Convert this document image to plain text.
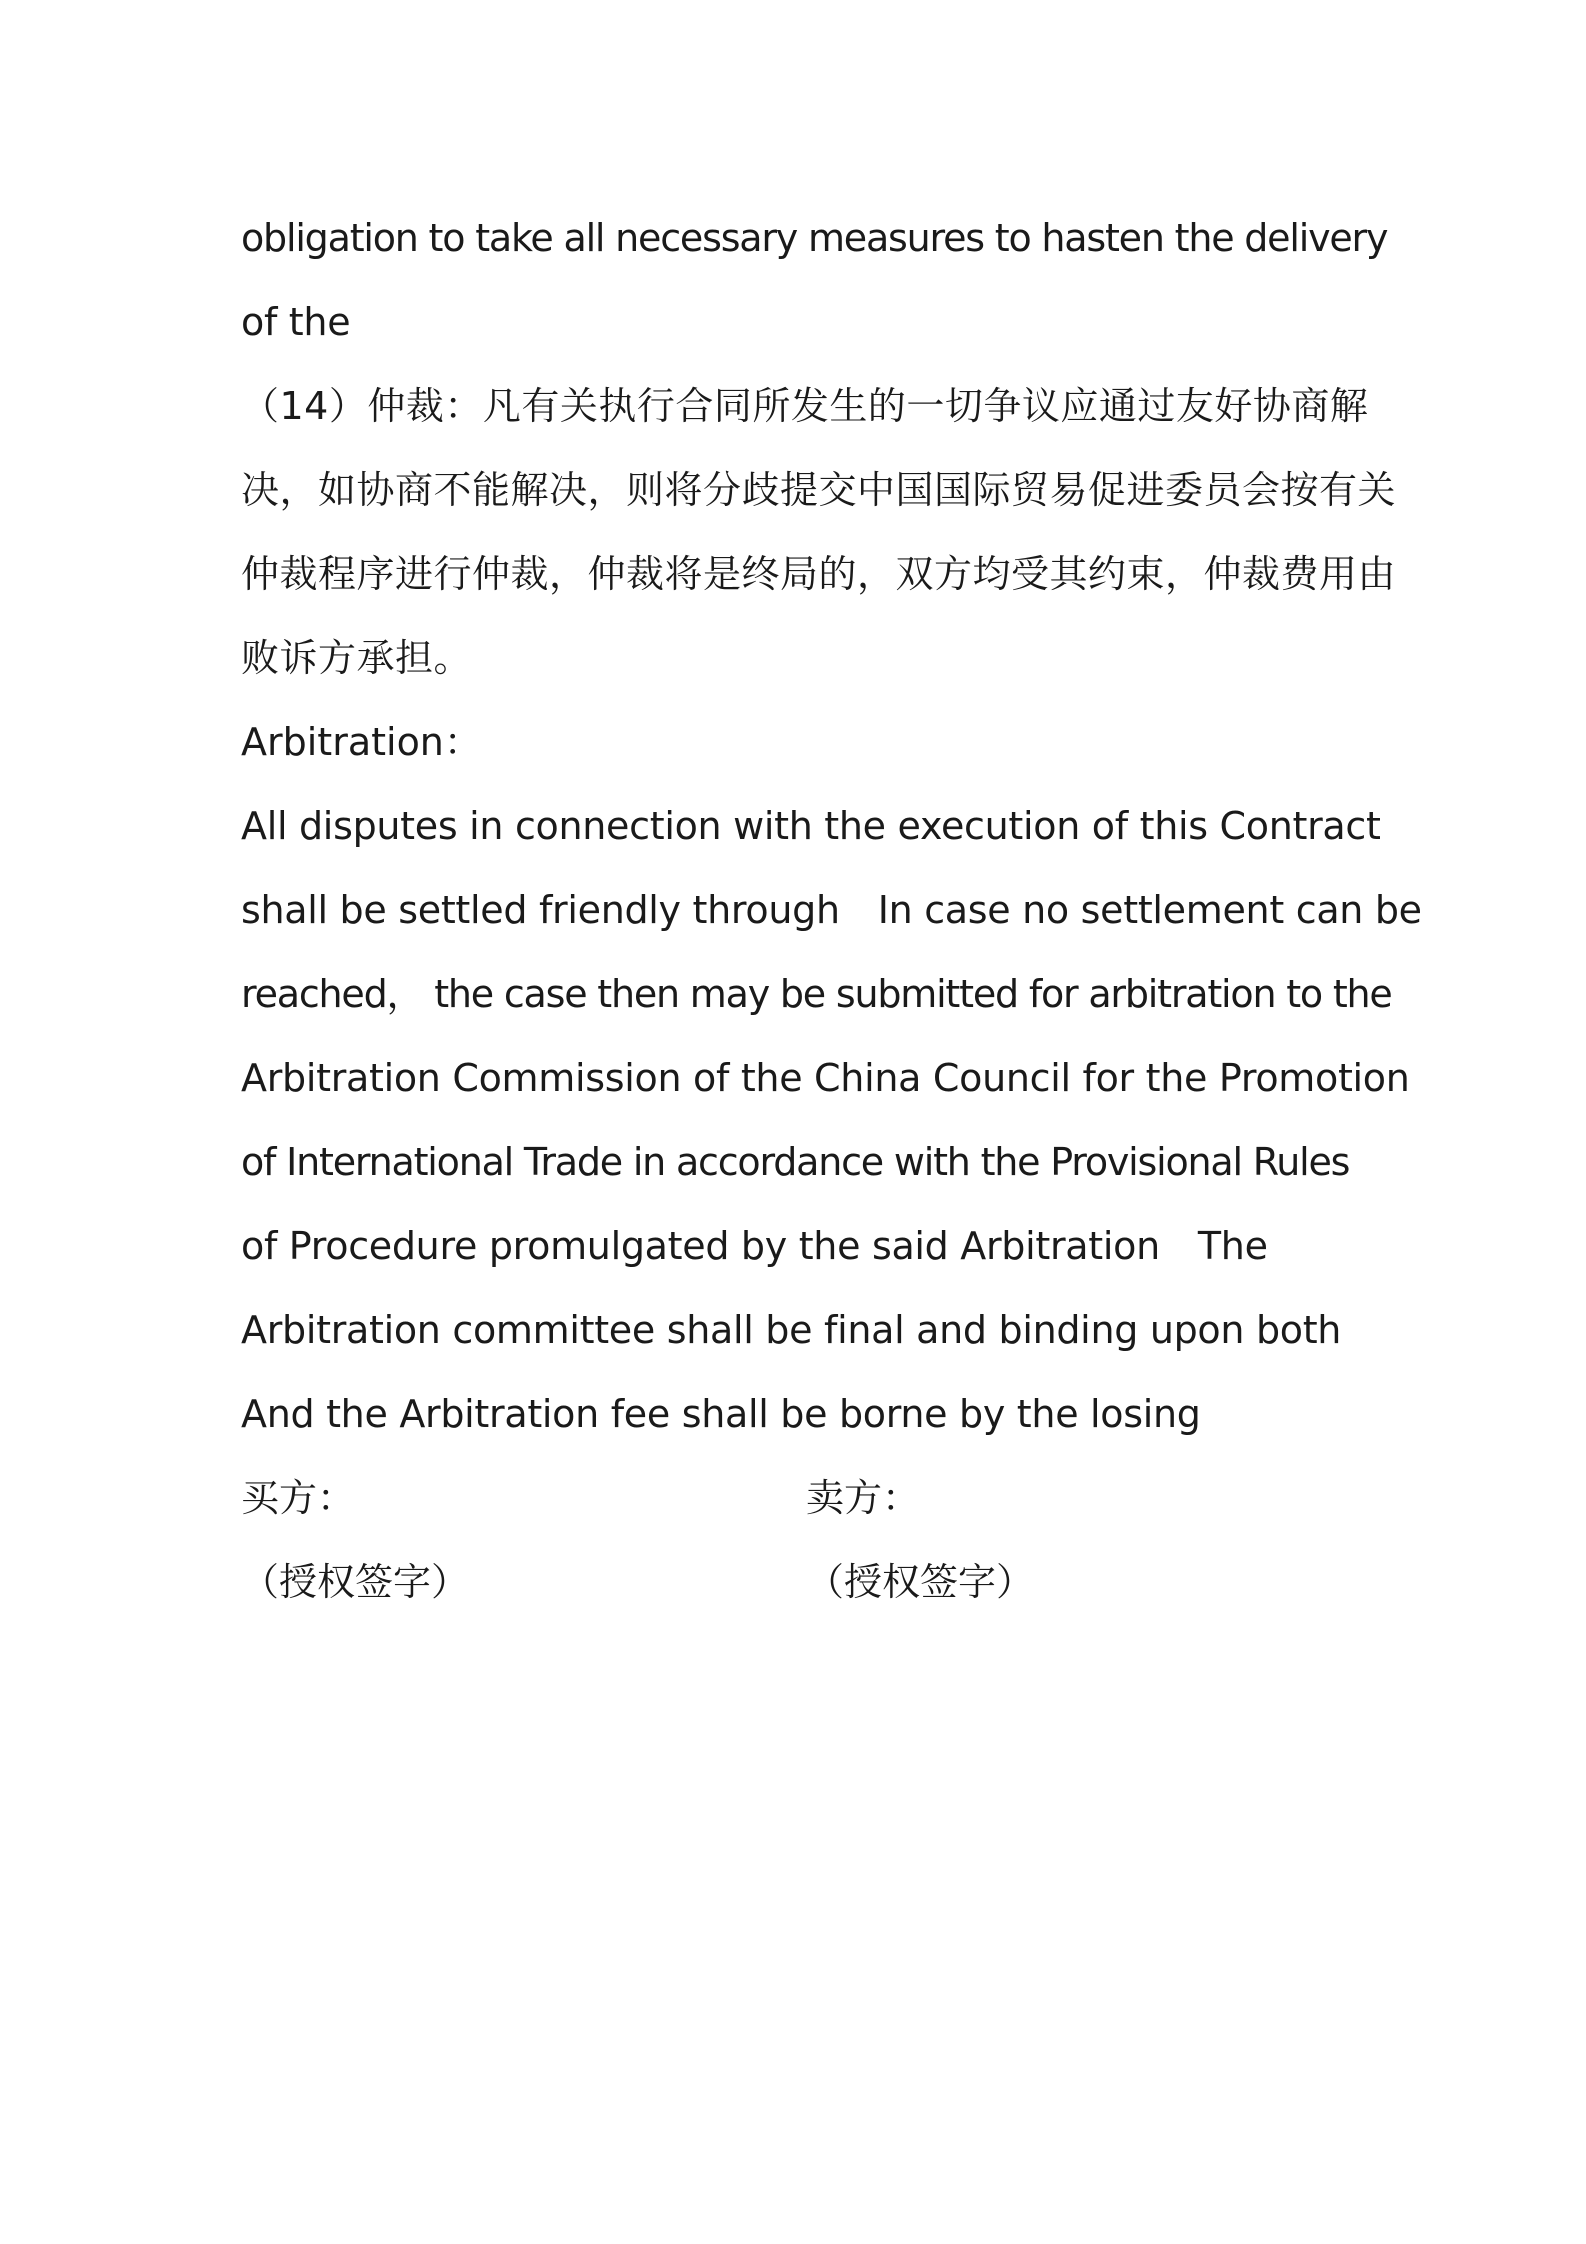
obligation to take all necessary measures to hasten the delivery
of the
（14）仲裁：凡有关执行合同所发生的一切争议应通过友好协商解
决，如协商不能解决，则将分歧提交中国国际贸易促进委员会按有关
仲裁程序进行仲裁，仲裁将是终局的，双方均受其约束，仲裁费用由
败诉方承担。
Arbitration：
All disputes in connection with the execution of this Contract
shall be settled friendly through In case no settlement can be
reached， the case then may be submitted for arbitration to the
Arbitration Commission of the China Council for the Promotion
of International Trade in accordance with the Provisional Rules
of Procedure promulgated by the said Arbitration The
Arbitration committee shall be final and binding upon both
And the Arbitration fee shall be borne by the losing
买方：	卖方：
（授权签字）	（授权签字）
